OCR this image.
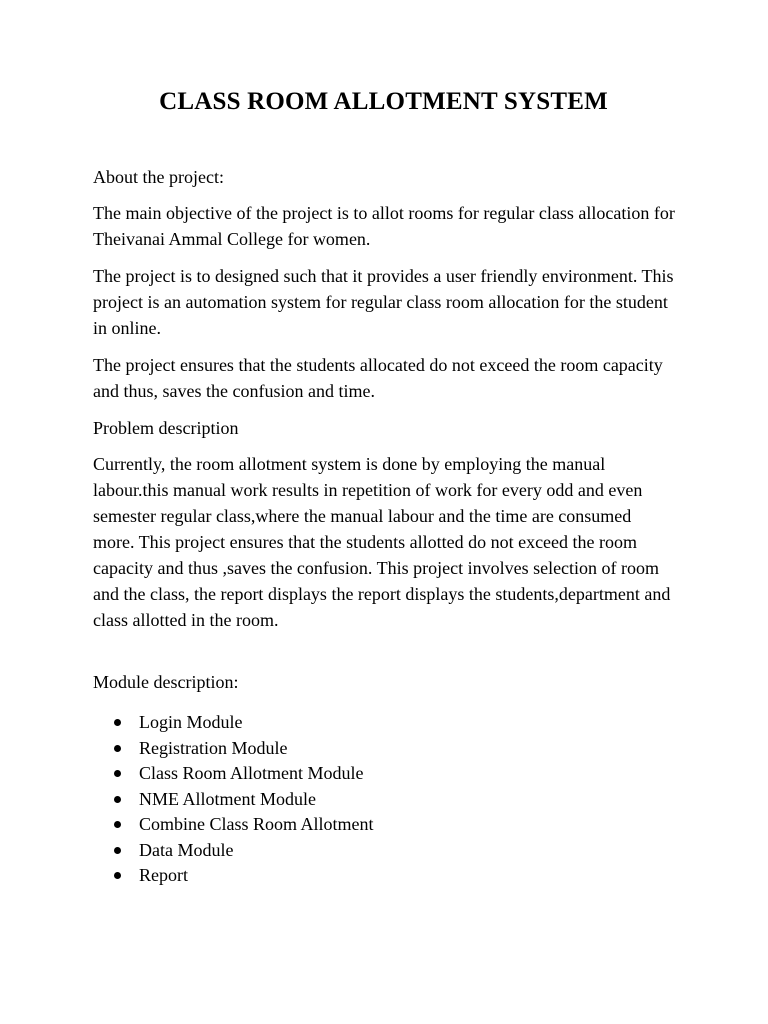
CLASS ROOM ALLOTMENT SYSTEM

About the project:

The main objective of the project is to allot rooms for regular class allocation for Theivanai Ammal College for women.

The project is to designed such that it provides a user friendly environment. This project is an automation system for regular class room allocation for the student in online.

The project ensures that the students allocated do not exceed the room capacity and thus, saves the confusion and time.

Problem description

Currently, the room allotment system is done by employing the manual labour.this manual work results in repetition of work for every odd and even semester regular class,where the manual labour and the time are consumed more. This project ensures that the students allotted do not exceed the room capacity and thus ,saves the confusion. This project involves selection of room and the class, the report displays the report displays the students,department and class allotted in the room.

Module description:

Login Module
Registration Module
Class Room Allotment Module
NME Allotment Module
Combine Class Room Allotment
Data Module
Report
